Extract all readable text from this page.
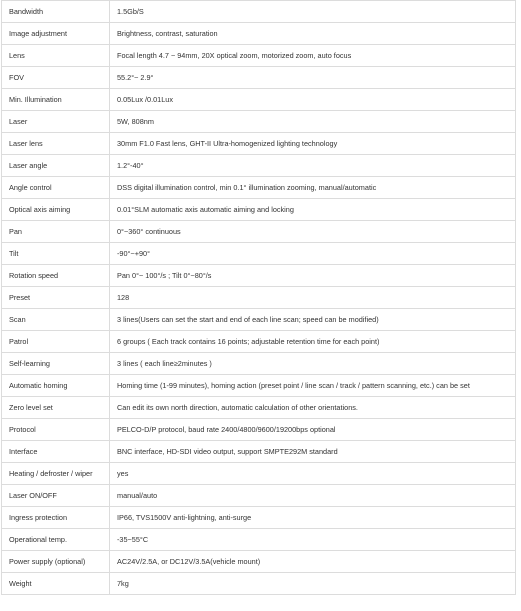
Bandwidth	1.5Gb/S
Image adjustment	Brightness, contrast, saturation
Lens	Focal length 4.7 ~ 94mm, 20X optical zoom, motorized zoom, auto focus
FOV	55.2°~ 2.9°
Min. Illumination	0.05Lux /0.01Lux
Laser	5W, 808nm
Laser lens	30mm F1.0 Fast lens, GHT-II Ultra-homogenized lighting technology
Laser angle	1.2°-40°
Angle control	DSS digital illumination control, min 0.1° illumination zooming, manual/automatic
Optical axis aiming	0.01°SLM automatic axis automatic aiming and locking
Pan	0°~360° continuous
Tilt	-90°~+90°
Rotation speed	Pan 0°~ 100°/s ; Tilt 0°~80°/s
Preset	128
Scan	3 lines(Users can set the start and end of each line scan; speed can be modified)
Patrol	6 groups ( Each track contains 16 points; adjustable retention time for each point)
Self-learning	3 lines ( each line≥2minutes )
Automatic homing	Homing time (1-99 minutes), homing action (preset point / line scan / track / pattern scanning, etc.) can be set
Zero level set	Can edit its own north direction, automatic calculation of other orientations.
Protocol	PELCO-D/P protocol, baud rate 2400/4800/9600/19200bps optional
Interface	BNC interface, HD-SDI video output, support SMPTE292M standard
Heating / defroster / wiper	yes
Laser ON/OFF	manual/auto
Ingress protection	IP66, TVS1500V anti-lightning, anti-surge
Operational temp.	-35~55°C
Power supply (optional)	AC24V/2.5A, or DC12V/3.5A(vehicle mount)
Weight	7kg
